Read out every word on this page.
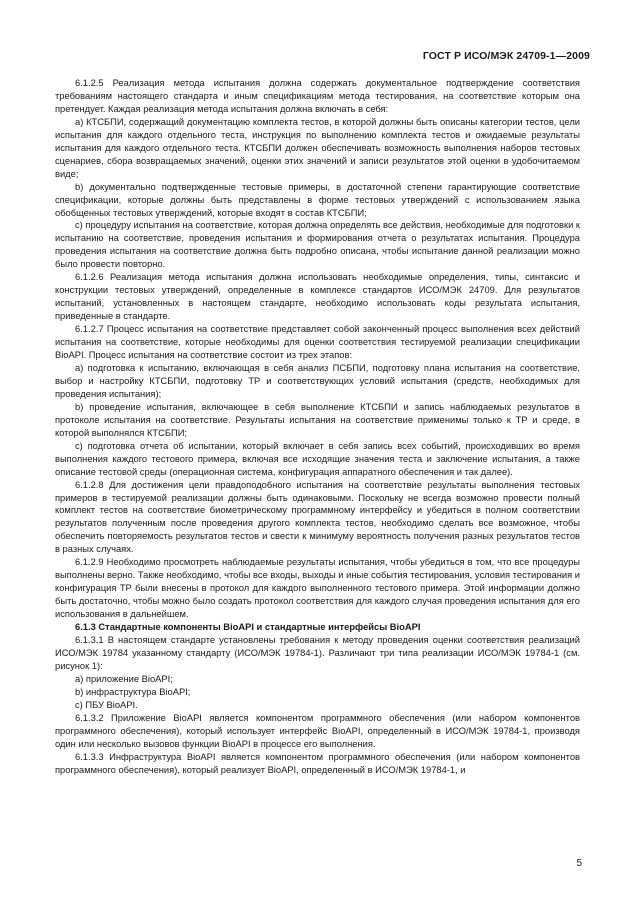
ГОСТ Р ИСО/МЭК 24709-1—2009

6.1.2.5 Реализация метода испытания должна содержать документальное подтверждение соответствия требованиям настоящего стандарта и иным спецификациям метода тестирования, на соответствие которым она претендует. Каждая реализация метода испытания должна включать в себя:

a) КТСБПИ, содержащий документацию комплекта тестов, в которой должны быть описаны категории тестов, цели испытания для каждого отдельного теста, инструкция по выполнению комплекта тестов и ожидаемые результаты испытания для каждого отдельного теста. КТСБПИ должен обеспечивать возможность выполнения наборов тестовых сценариев, сбора возвращаемых значений, оценки этих значений и записи результатов этой оценки в удобочитаемом виде;

b) документально подтвержденные тестовые примеры, в достаточной степени гарантирующие соответствие спецификации, которые должны быть представлены в форме тестовых утверждений с использованием языка обобщенных тестовых утверждений, которые входят в состав КТСБПИ;

c) процедуру испытания на соответствие, которая должна определять все действия, необходимые для подготовки к испытанию на соответствие, проведения испытания и формирования отчета о результатах испытания. Процедура проведения испытания на соответствие должна быть подробно описана, чтобы испытание данной реализации можно было провести повторно.

6.1.2.6 Реализация метода испытания должна использовать необходимые определения, типы, синтаксис и конструкции тестовых утверждений, определенные в комплексе стандартов ИСО/МЭК 24709. Для результатов испытаний, установленных в настоящем стандарте, необходимо использовать коды результата испытания, приведенные в стандарте.

6.1.2.7 Процесс испытания на соответствие представляет собой законченный процесс выполнения всех действий испытания на соответствие, которые необходимы для оценки соответствия тестируемой реализации спецификации BioAPI. Процесс испытания на соответствие состоит из трех этапов:

a) подготовка к испытанию, включающая в себя анализ ПСБПИ, подготовку плана испытания на соответствие, выбор и настройку КТСБПИ, подготовку ТР и соответствующих условий испытания (средств, необходимых для проведения испытания);

b) проведение испытания, включающее в себя выполнение КТСБПИ и запись наблюдаемых результатов в протоколе испытания на соответствие. Результаты испытания на соответствие применимы только к ТР и среде, в которой выполнялся КТСБПИ;

c) подготовка отчета об испытании, который включает в себя запись всех событий, происходивших во время выполнения каждого тестового примера, включая все исходящие значения теста и заключение испытания, а также описание тестовой среды (операционная система, конфигурация аппаратного обеспечения и так далее).

6.1.2.8 Для достижения цели правдоподобного испытания на соответствие результаты выполнения тестовых примеров в тестируемой реализации должны быть одинаковыми. Поскольку не всегда возможно провести полный комплект тестов на соответствие биометрическому программному интерфейсу и убедиться в полном соответствии результатов полученным после проведения другого комплекта тестов, необходимо сделать все возможное, чтобы обеспечить повторяемость результатов тестов и свести к минимуму вероятность получения разных результатов тестов в разных случаях.

6.1.2.9 Необходимо просмотреть наблюдаемые результаты испытания, чтобы убедиться в том, что все процедуры выполнены верно. Также необходимо, чтобы все входы, выходы и иные события тестирования, условия тестирования и конфигурация ТР были внесены в протокол для каждого выполненного тестового примера. Этой информации должно быть достаточно, чтобы можно было создать протокол соответствия для каждого случая проведения испытания для его использования в дальнейшем.

6.1.3 Стандартные компоненты BioAPI и стандартные интерфейсы BioAPI

6.1.3.1 В настоящем стандарте установлены требования к методу проведения оценки соответствия реализаций ИСО/МЭК 19784 указанному стандарту (ИСО/МЭК 19784-1). Различают три типа реализации ИСО/МЭК 19784-1 (см. рисунок 1):

a) приложение BioAPI;

b) инфраструктура BioAPI;

c) ПБУ BioAPI.

6.1.3.2 Приложение BioAPI является компонентом программного обеспечения (или набором компонентов программного обеспечения), который использует интерфейс BioAPI, определенный в ИСО/МЭК 19784-1, производя один или несколько вызовов функции BioAPI в процессе его выполнения.

6.1.3.3 Инфраструктура BioAPI является компонентом программного обеспечения (или набором компонентов программного обеспечения), который реализует BioAPI, определенный в ИСО/МЭК 19784-1, и

5
